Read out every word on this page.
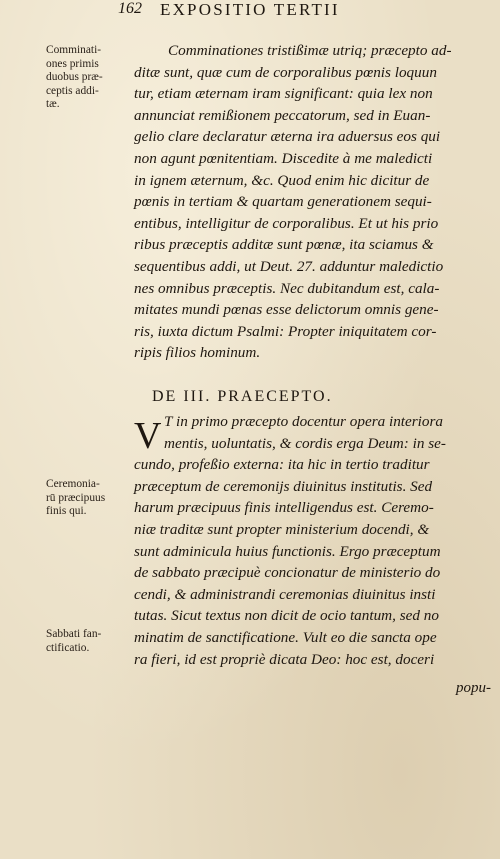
162 EXPOSITIO TERTII
Comminati-
ones primis
duobus præ-
ceptis addi-
tæ.
Comminationes tristißimæ utriq; præcepto ad-
ditæ sunt, quæ cum de corporalibus pœnis loquun
tur, etiam æternam iram significant: quia lex non
annunciat remißionem peccatorum, sed in Euan-
gelio clare declaratur æterna ira aduersus eos qui
non agunt pœnitentiam. Discedite à me maledicti
in ignem æternum, &c. Quod enim hic dicitur de
pœnis in tertiam & quartam generationem sequi-
entibus, intelligitur de corporalibus. Et ut his prio
ribus præceptis additæ sunt pœnæ, ita sciamus &
sequentibus addi, ut Deut. 27. adduntur maledictio
nes omnibus præceptis. Nec dubitandum est, cala-
mitates mundi pœnas esse delictorum omnis gene-
ris, iuxta dictum Psalmi: Propter iniquitatem cor-
ripis filios hominum.
DE III. PRAECEPTO.
V T in primo præcepto docentur opera interiora
mentis, uoluntatis, & cordis erga Deum: in se-
cundo, profeßio externa: ita hic in tertio traditur
præceptum de ceremonijs diuinitus institutis. Sed
harum præcipuus finis intelligendus est. Ceremo-
niæ traditæ sunt propter ministerium docendi, &
sunt adminicula huius functionis. Ergo præceptum
de sabbato præcipuè concionatur de ministerio do
cendi, & administrandi ceremonias diuinitus insti
tutas. Sicut textus non dicit de ocio tantum, sed no
minatim de sanctificatione. Vult eo die sancta ope
ra fieri, id est propriè dicata Deo: hoc est, doceri
popu-
Ceremonia-
rū præcipuus
finis qui.
Sabbati fan-
ctificatio.
